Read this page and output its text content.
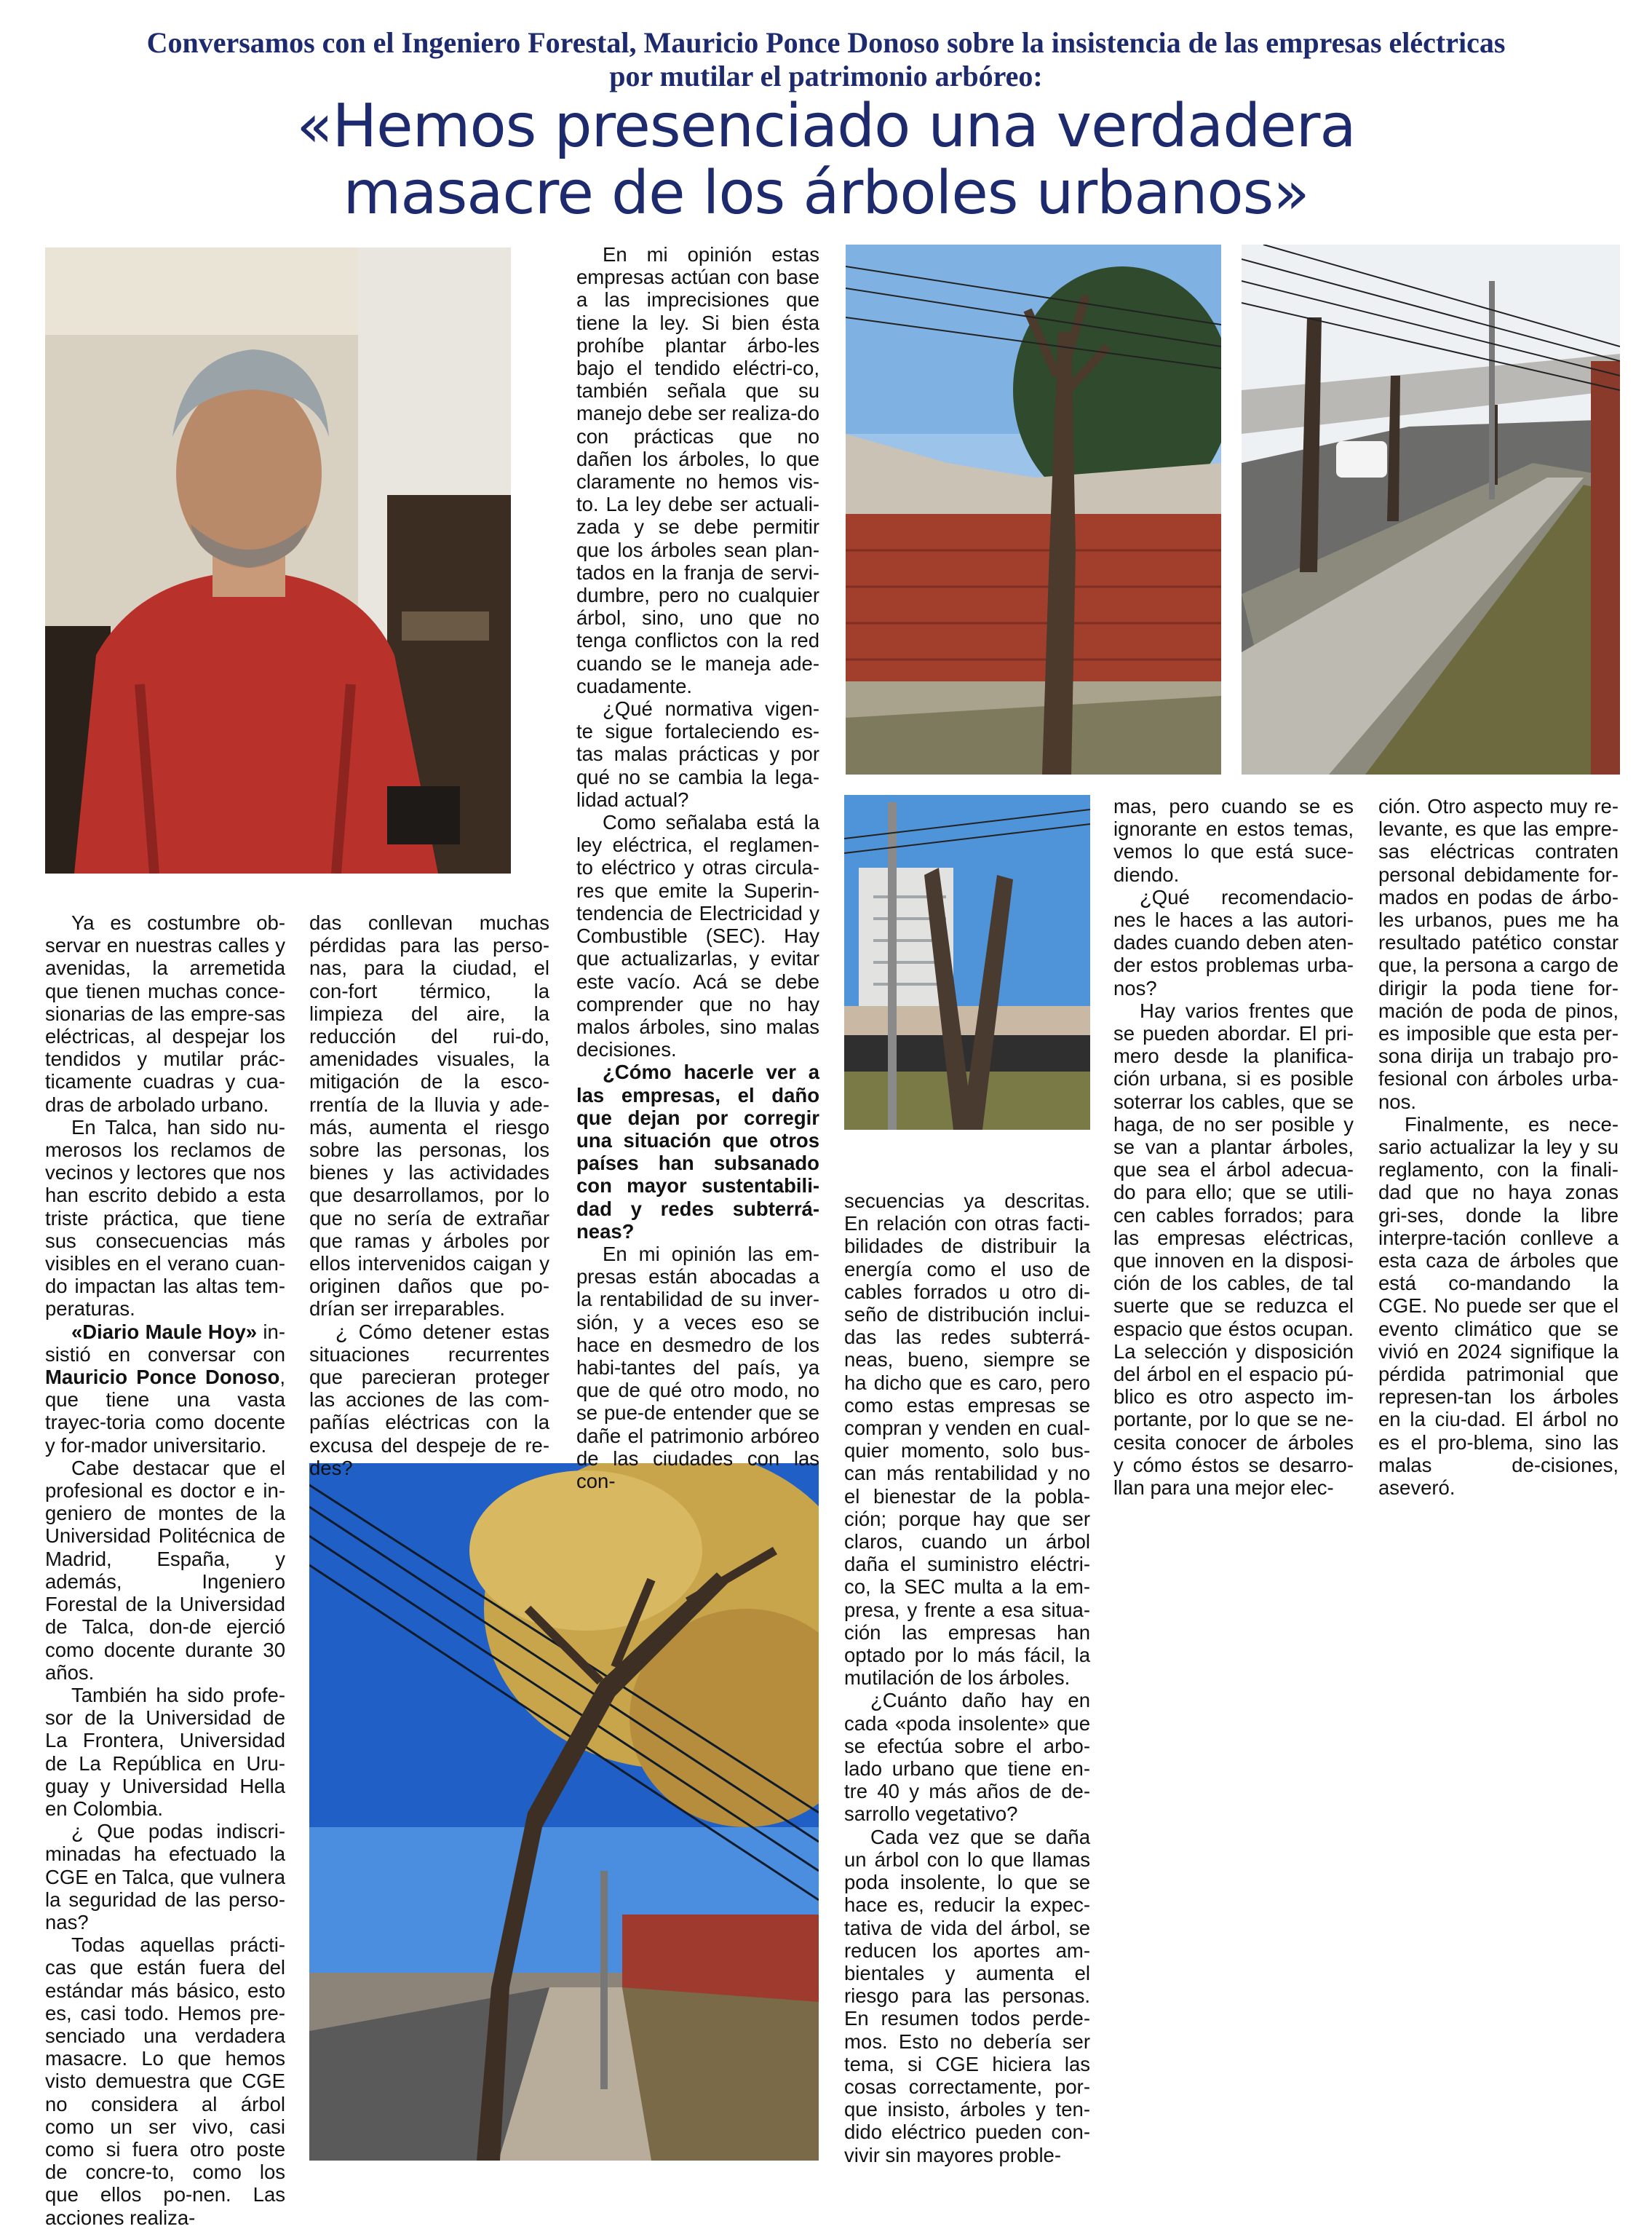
Conversamos con el Ingeniero Forestal, Mauricio Ponce Donoso sobre la insistencia de las empresas eléctricas
por mutilar el patrimonio arbóreo:
«Hemos presenciado una verdadera
masacre de los árboles urbanos»

Ya es costumbre ob-servar en nuestras calles y avenidas, la arremetida que tienen muchas conce-sionarias de las empre-sas eléctricas, al despejar los tendidos y mutilar prác-ticamente cuadras y cua-dras de arbolado urbano.

En Talca, han sido nu-merosos los reclamos de vecinos y lectores que nos han escrito debido a esta triste práctica, que tiene sus consecuencias más visibles en el verano cuan-do impactan las altas tem-peraturas.

«Diario Maule Hoy» in-sistió en conversar con Mauricio Ponce Donoso, que tiene una vasta trayec-toria como docente y for-mador universitario.

Cabe destacar que el profesional es doctor e in-geniero de montes de la Universidad Politécnica de Madrid, España, y además, Ingeniero Forestal de la Universidad de Talca, don-de ejerció como docente durante 30 años.

También ha sido profe-sor de la Universidad de La Frontera, Universidad de La República en Uru-guay y Universidad Hella en Colombia.

¿ Que podas indiscri-minadas ha efectuado la CGE en Talca, que vulnera la seguridad de las perso-nas?

Todas aquellas prácti-cas que están fuera del estándar más básico, esto es, casi todo. Hemos pre-senciado una verdadera masacre. Lo que hemos visto demuestra que CGE no considera al árbol como un ser vivo, casi como si fuera otro poste de concre-to, como los que ellos po-nen. Las acciones realiza-

das conllevan muchas pérdidas para las perso-nas, para la ciudad, el con-fort térmico, la limpieza del aire, la reducción del rui-do, amenidades visuales, la mitigación de la esco-rrentía de la lluvia y ade-más, aumenta el riesgo sobre las personas, los bienes y las actividades que desarrollamos, por lo que no sería de extrañar que ramas y árboles por ellos intervenidos caigan y originen daños que po-drían ser irreparables.

¿ Cómo detener estas situaciones recurrentes que parecieran proteger las acciones de las com-pañías eléctricas con la excusa del despeje de re-des?

En mi opinión estas empresas actúan con base a las imprecisiones que tiene la ley. Si bien ésta prohíbe plantar árbo-les bajo el tendido eléctri-co, también señala que su manejo debe ser realiza-do con prácticas que no dañen los árboles, lo que claramente no hemos vis-to. La ley debe ser actuali-zada y se debe permitir que los árboles sean plan-tados en la franja de servi-dumbre, pero no cualquier árbol, sino, uno que no tenga conflictos con la red cuando se le maneja ade-cuadamente.

¿Qué normativa vigen-te sigue fortaleciendo es-tas malas prácticas y por qué no se cambia la lega-lidad actual?

Como señalaba está la ley eléctrica, el reglamen-to eléctrico y otras circula-res que emite la Superin-tendencia de Electricidad y Combustible (SEC). Hay que actualizarlas, y evitar este vacío. Acá se debe comprender que no hay malos árboles, sino malas decisiones.

¿Cómo hacerle ver a las empresas, el daño que dejan por corregir una situación que otros países han subsanado con mayor sustentabili-dad y redes subterrá-neas?

En mi opinión las em-presas están abocadas a la rentabilidad de su inver-sión, y a veces eso se hace en desmedro de los habi-tantes del país, ya que de qué otro modo, no se pue-de entender que se dañe el patrimonio arbóreo de las ciudades con las con-

secuencias ya descritas. En relación con otras facti-bilidades de distribuir la energía como el uso de cables forrados u otro di-seño de distribución inclui-das las redes subterrá-neas, bueno, siempre se ha dicho que es caro, pero como estas empresas se compran y venden en cual-quier momento, solo bus-can más rentabilidad y no el bienestar de la pobla-ción; porque hay que ser claros, cuando un árbol daña el suministro eléctri-co, la SEC multa a la em-presa, y frente a esa situa-ción las empresas han optado por lo más fácil, la mutilación de los árboles.

¿Cuánto daño hay en cada «poda insolente» que se efectúa sobre el arbo-lado urbano que tiene en-tre 40 y más años de de-sarrollo vegetativo?

Cada vez que se daña un árbol con lo que llamas poda insolente, lo que se hace es, reducir la expec-tativa de vida del árbol, se reducen los aportes am-bientales y aumenta el riesgo para las personas. En resumen todos perde-mos. Esto no debería ser tema, si CGE hiciera las cosas correctamente, por-que insisto, árboles y ten-dido eléctrico pueden con-vivir sin mayores proble-

mas, pero cuando se es ignorante en estos temas, vemos lo que está suce-diendo.

¿Qué recomendacio-nes le haces a las autori-dades cuando deben aten-der estos problemas urba-nos?

Hay varios frentes que se pueden abordar. El pri-mero desde la planifica-ción urbana, si es posible soterrar los cables, que se haga, de no ser posible y se van a plantar árboles, que sea el árbol adecua-do para ello; que se utili-cen cables forrados; para las empresas eléctricas, que innoven en la disposi-ción de los cables, de tal suerte que se reduzca el espacio que éstos ocupan. La selección y disposición del árbol en el espacio pú-blico es otro aspecto im-portante, por lo que se ne-cesita conocer de árboles y cómo éstos se desarro-llan para una mejor elec-

ción. Otro aspecto muy re-levante, es que las empre-sas eléctricas contraten personal debidamente for-mados en podas de árbo-les urbanos, pues me ha resultado patético constar que, la persona a cargo de dirigir la poda tiene for-mación de poda de pinos, es imposible que esta per-sona dirija un trabajo pro-fesional con árboles urba-nos.

Finalmente, es nece-sario actualizar la ley y su reglamento, con la finali-dad que no haya zonas gri-ses, donde la libre interpre-tación conlleve a esta caza de árboles que está co-mandando la CGE. No puede ser que el evento climático que se vivió en 2024 signifique la pérdida patrimonial que represen-tan los árboles en la ciu-dad. El árbol no es el pro-blema, sino las malas de-cisiones, aseveró.
